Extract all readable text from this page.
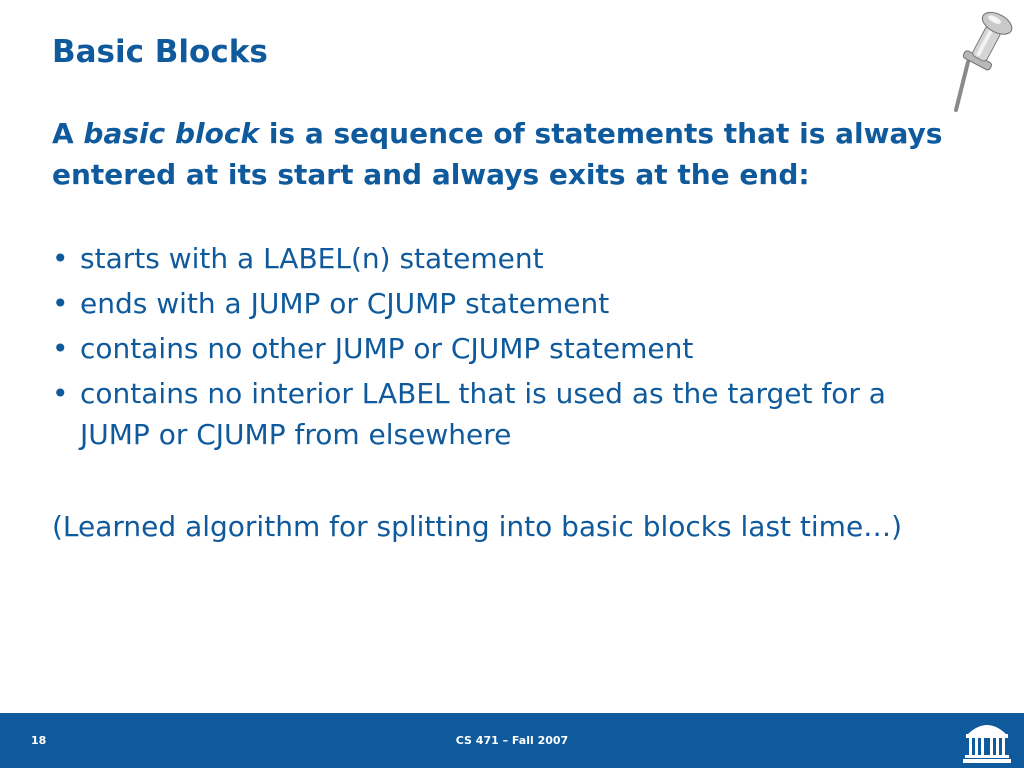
Basic Blocks

A basic block is a sequence of statements that is always entered at its start and always exits at the end:

• starts with a LABEL(n) statement
• ends with a JUMP or CJUMP statement
• contains no other JUMP or CJUMP statement
• contains no interior LABEL that is used as the target for a JUMP or CJUMP from elsewhere

(Learned algorithm for splitting into basic blocks last time…)

18	CS 471 – Fall 2007
